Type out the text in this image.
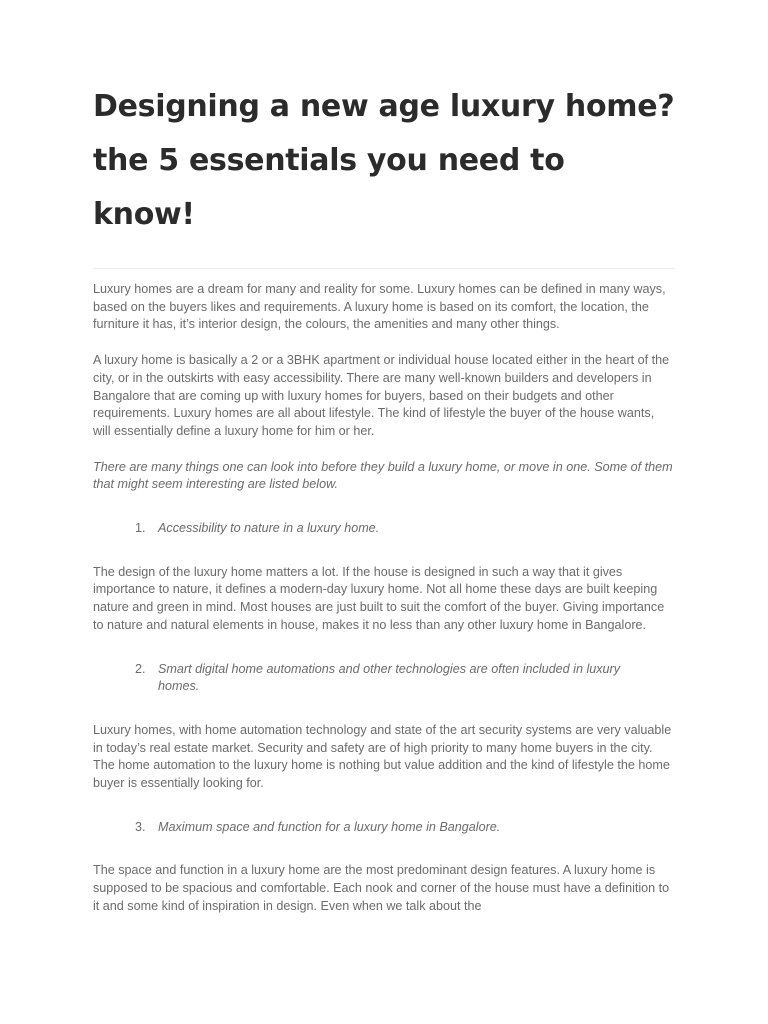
Designing a new age luxury home? the 5 essentials you need to know!

Luxury homes are a dream for many and reality for some. Luxury homes can be defined in many ways, based on the buyers likes and requirements. A luxury home is based on its comfort, the location, the furniture it has, it’s interior design, the colours, the amenities and many other things.

A luxury home is basically a 2 or a 3BHK apartment or individual house located either in the heart of the city, or in the outskirts with easy accessibility. There are many well-known builders and developers in Bangalore that are coming up with luxury homes for buyers, based on their budgets and other requirements. Luxury homes are all about lifestyle. The kind of lifestyle the buyer of the house wants, will essentially define a luxury home for him or her.

There are many things one can look into before they build a luxury home, or move in one. Some of them that might seem interesting are listed below.

1. Accessibility to nature in a luxury home.

The design of the luxury home matters a lot. If the house is designed in such a way that it gives importance to nature, it defines a modern-day luxury home. Not all home these days are built keeping nature and green in mind. Most houses are just built to suit the comfort of the buyer. Giving importance to nature and natural elements in house, makes it no less than any other luxury home in Bangalore.

2. Smart digital home automations and other technologies are often included in luxury homes.

Luxury homes, with home automation technology and state of the art security systems are very valuable in today’s real estate market. Security and safety are of high priority to many home buyers in the city. The home automation to the luxury home is nothing but value addition and the kind of lifestyle the home buyer is essentially looking for.

3. Maximum space and function for a luxury home in Bangalore.

The space and function in a luxury home are the most predominant design features. A luxury home is supposed to be spacious and comfortable. Each nook and corner of the house must have a definition to it and some kind of inspiration in design. Even when we talk about the
